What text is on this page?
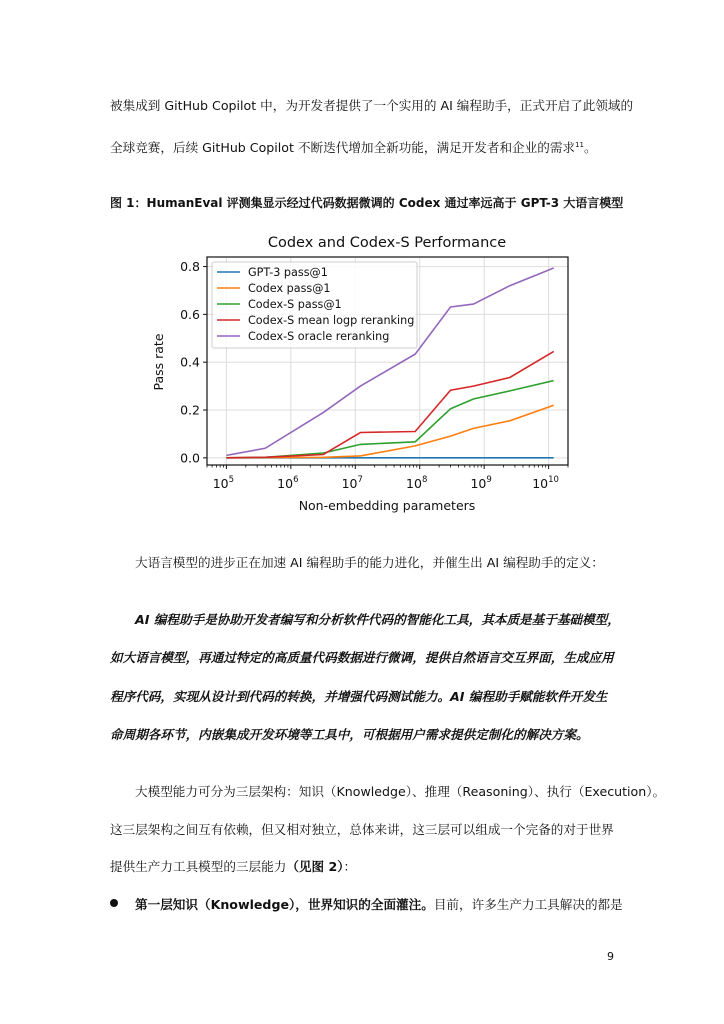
被集成到 GitHub Copilot 中，为开发者提供了一个实用的 AI 编程助手，正式开启了此领域的
全球竞赛，后续 GitHub Copilot 不断迭代增加全新功能，满足开发者和企业的需求$^{11}$。
图 1：HumanEval 评测集显示经过代码数据微调的 Codex 通过率远高于 GPT-3 大语言模型
Codex and Codex-S Performance
0.0
0.2
0.4
0.6
0.8
$10^5$	$10^6$	$10^7$	$10^8$	$10^9$	$10^{10}$
GPT-3 pass@1
Codex pass@1
Codex-S pass@1
Codex-S mean logp reranking
Codex-S oracle reranking
Non-embedding parameters
Pass rate
大语言模型的进步正在加速 AI 编程助手的能力进化，并催生出 AI 编程助手的定义：
AI 编程助手是协助开发者编写和分析软件代码的智能化工具，其本质是基于基础模型，
如大语言模型，再通过特定的高质量代码数据进行微调，提供自然语言交互界面，生成应用
程序代码，实现从设计到代码的转换，并增强代码测试能力。AI 编程助手赋能软件开发生
命周期各环节，内嵌集成开发环境等工具中，可根据用户需求提供定制化的解决方案。
大模型能力可分为三层架构：知识（Knowledge）、推理（Reasoning）、执行（Execution）。
这三层架构之间互有依赖，但又相对独立，总体来讲，这三层可以组成一个完备的对于世界
提供生产力工具模型的三层能力（见图 2）：
第一层知识（Knowledge），世界知识的全面灌注。目前，许多生产力工具解决的都是
9
